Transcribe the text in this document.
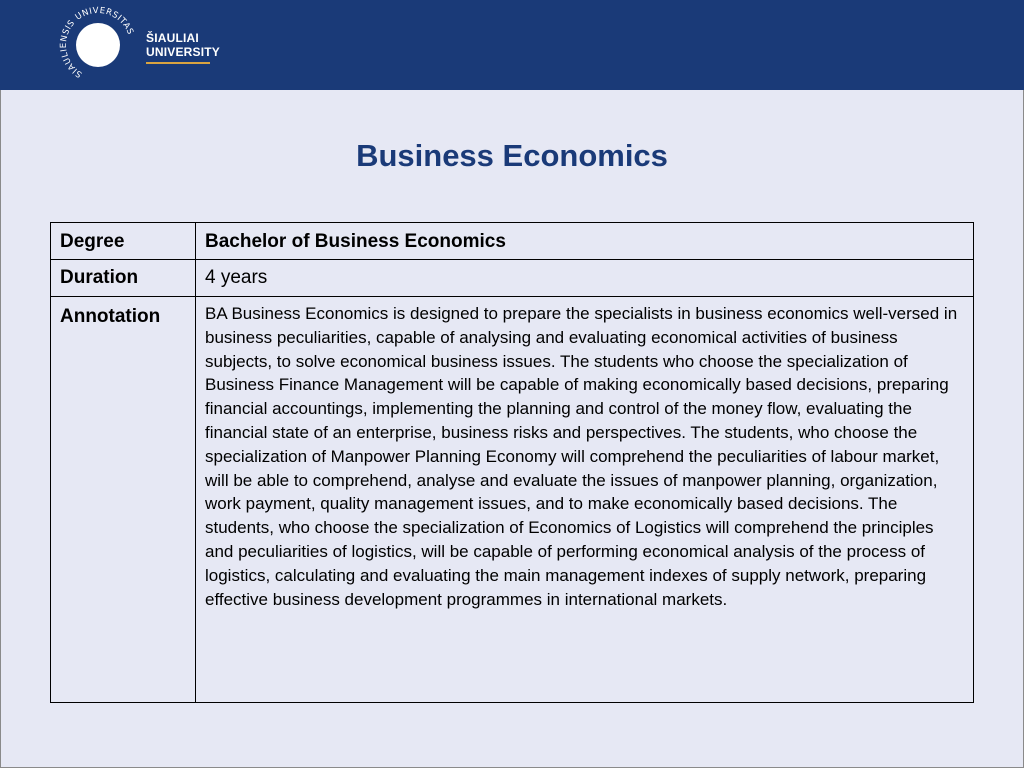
SIAULIENSIS UNIVERSITAS ŠIAULIAI
UNIVERSITY
Business Economics
Degree	Bachelor of Business Economics
Duration	4 years
Annotation	BA Business Economics is designed to prepare the specialists in business economics well-versed in business peculiarities, capable of analysing and evaluating economical activities of business subjects, to solve economical business issues. The students who choose the specialization of Business Finance Management will be capable of making economically based decisions, preparing financial accountings, implementing the planning and control of the money flow, evaluating the financial state of an enterprise, business risks and perspectives. The students, who choose the specialization of Manpower Planning Economy will comprehend the peculiarities of labour market, will be able to comprehend, analyse and evaluate the issues of manpower planning, organization, work payment, quality management issues, and to make economically based decisions. The students, who choose the specialization of Economics of Logistics will comprehend the principles and peculiarities of logistics, will be capable of performing economical analysis of the process of logistics, calculating and evaluating the main management indexes of supply network, preparing effective business development programmes in international markets.
